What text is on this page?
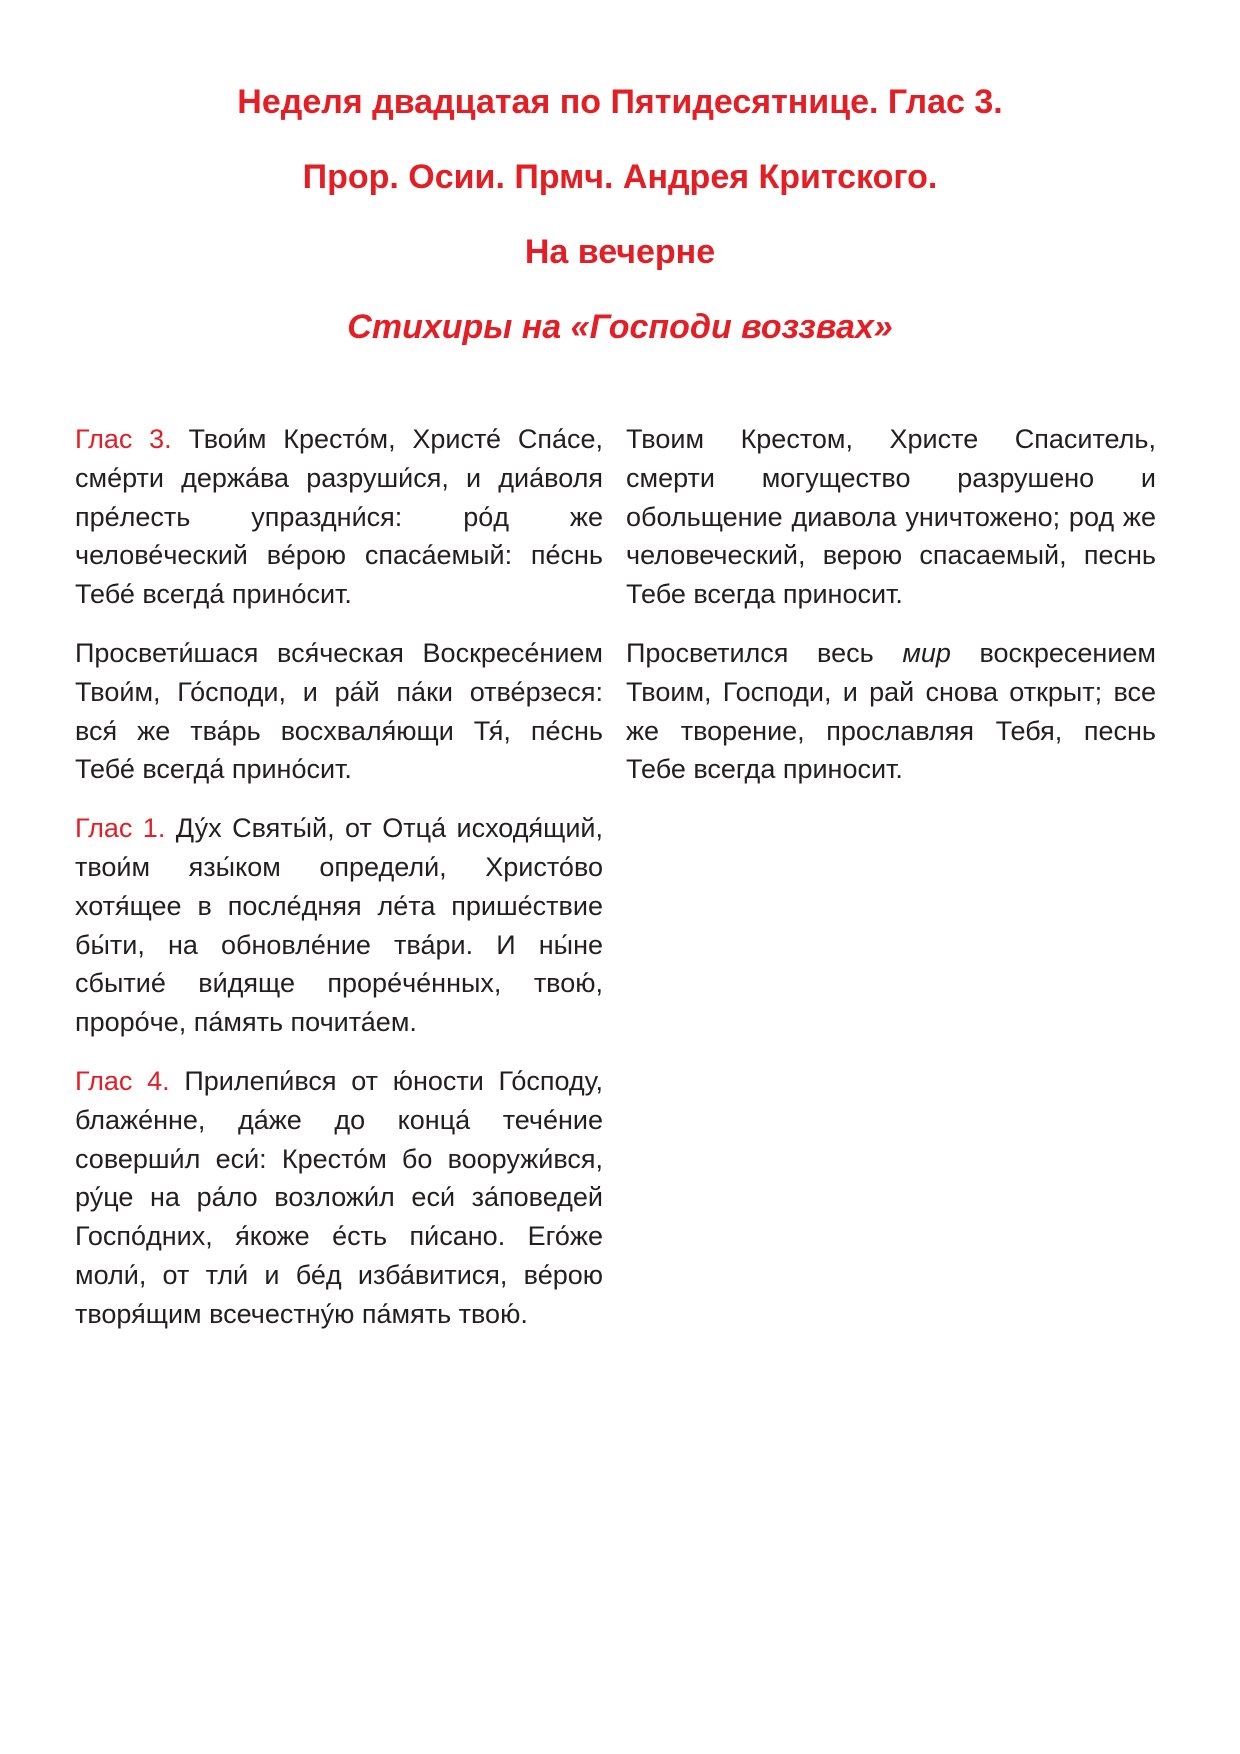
Неделя двадцатая по Пятидесятнице. Глас 3.

Прор. Осии. Прмч. Андрея Критского.

На вечерне

Стихиры на «Господи воззвах»

Глас 3. Твои́м Кресто́м, Христе́ Спа́се, сме́рти держа́ва разруши́ся, и диа́воля пре́лесть упраздни́ся: ро́д же челове́ческий ве́рою спаса́емый: пе́снь Тебе́ всегда́ прино́сит.

Просвети́шася вся́ческая Воскресе́нием Твои́м, Го́споди, и ра́й па́ки отве́рзеся: вся́ же тва́рь восхваля́ющи Тя́, пе́снь Тебе́ всегда́ прино́сит.

Глас 1. Ду́х Святы́й, от Отца́ исходя́щий, твои́м язы́ком определи́, Христо́во хотя́щее в после́дняя ле́та прише́ствие бы́ти, на обновле́ние тва́ри. И ны́не сбытие́ ви́дяще проре́че́нных, твою́, проро́че, па́мять почита́ем.

Глас 4. Прилепи́вся от ю́ности Го́споду, блаже́нне, да́же до конца́ тече́ние соверши́л еси́: Кресто́м бо вооружи́вся, ру́це на ра́ло возложи́л еси́ за́поведей Госпо́дних, я́коже е́сть пи́сано. Его́же моли́, от тли́ и бе́д изба́витися, ве́рою творя́щим всечестну́ю па́мять твою́.

Твоим Крестом, Христе Спаситель, смерти могущество разрушено и обольщение диавола уничтожено; род же человеческий, верою спасаемый, песнь Тебе всегда приносит.

Просветился весь мир воскресением Твоим, Господи, и рай снова открыт; все же творение, прославляя Тебя, песнь Тебе всегда приносит.
